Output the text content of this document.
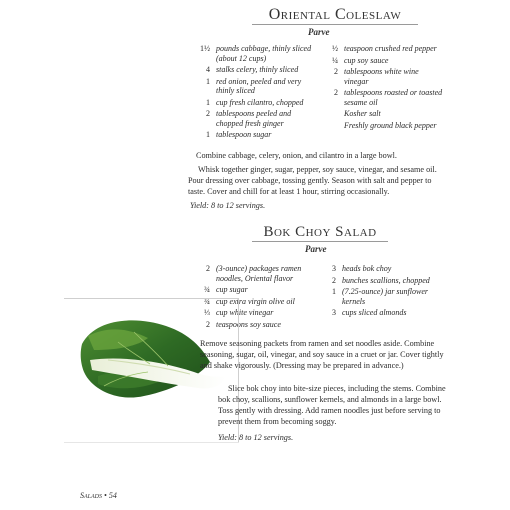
Oriental Coleslaw
Parve
1½ pounds cabbage, thinly sliced (about 12 cups)
4 stalks celery, thinly sliced
1 red onion, peeled and very thinly sliced
1 cup fresh cilantro, chopped
2 tablespoons peeled and chopped fresh ginger
1 tablespoon sugar
½ teaspoon crushed red pepper
¼ cup soy sauce
2 tablespoons white wine vinegar
2 tablespoons roasted or toasted sesame oil
Kosher salt
Freshly ground black pepper

Combine cabbage, celery, onion, and cilantro in a large bowl.

Whisk together ginger, sugar, pepper, soy sauce, vinegar, and sesame oil. Pour dressing over cabbage, tossing gently. Season with salt and pepper to taste. Cover and chill for at least 1 hour, stirring occasionally.

Yield: 8 to 12 servings.

Bok Choy Salad
Parve
2 (3-ounce) packages ramen noodles, Oriental flavor
¾ cup sugar
¾ cup extra virgin olive oil
⅓ cup white vinegar
2 teaspoons soy sauce
3 heads bok choy
2 bunches scallions, chopped
1 (7.25-ounce) jar sunflower kernels
3 cups sliced almonds

Remove seasoning packets from ramen and set noodles aside. Combine seasoning, sugar, oil, vinegar, and soy sauce in a cruet or jar. Cover tightly and shake vigorously. (Dressing may be prepared in advance.)

Slice bok choy into bite-size pieces, including the stems. Combine bok choy, scallions, sunflower kernels, and almonds in a large bowl. Toss gently with dressing. Add ramen noodles just before serving to prevent them from becoming soggy.

Yield: 8 to 12 servings.

Salads • 54
